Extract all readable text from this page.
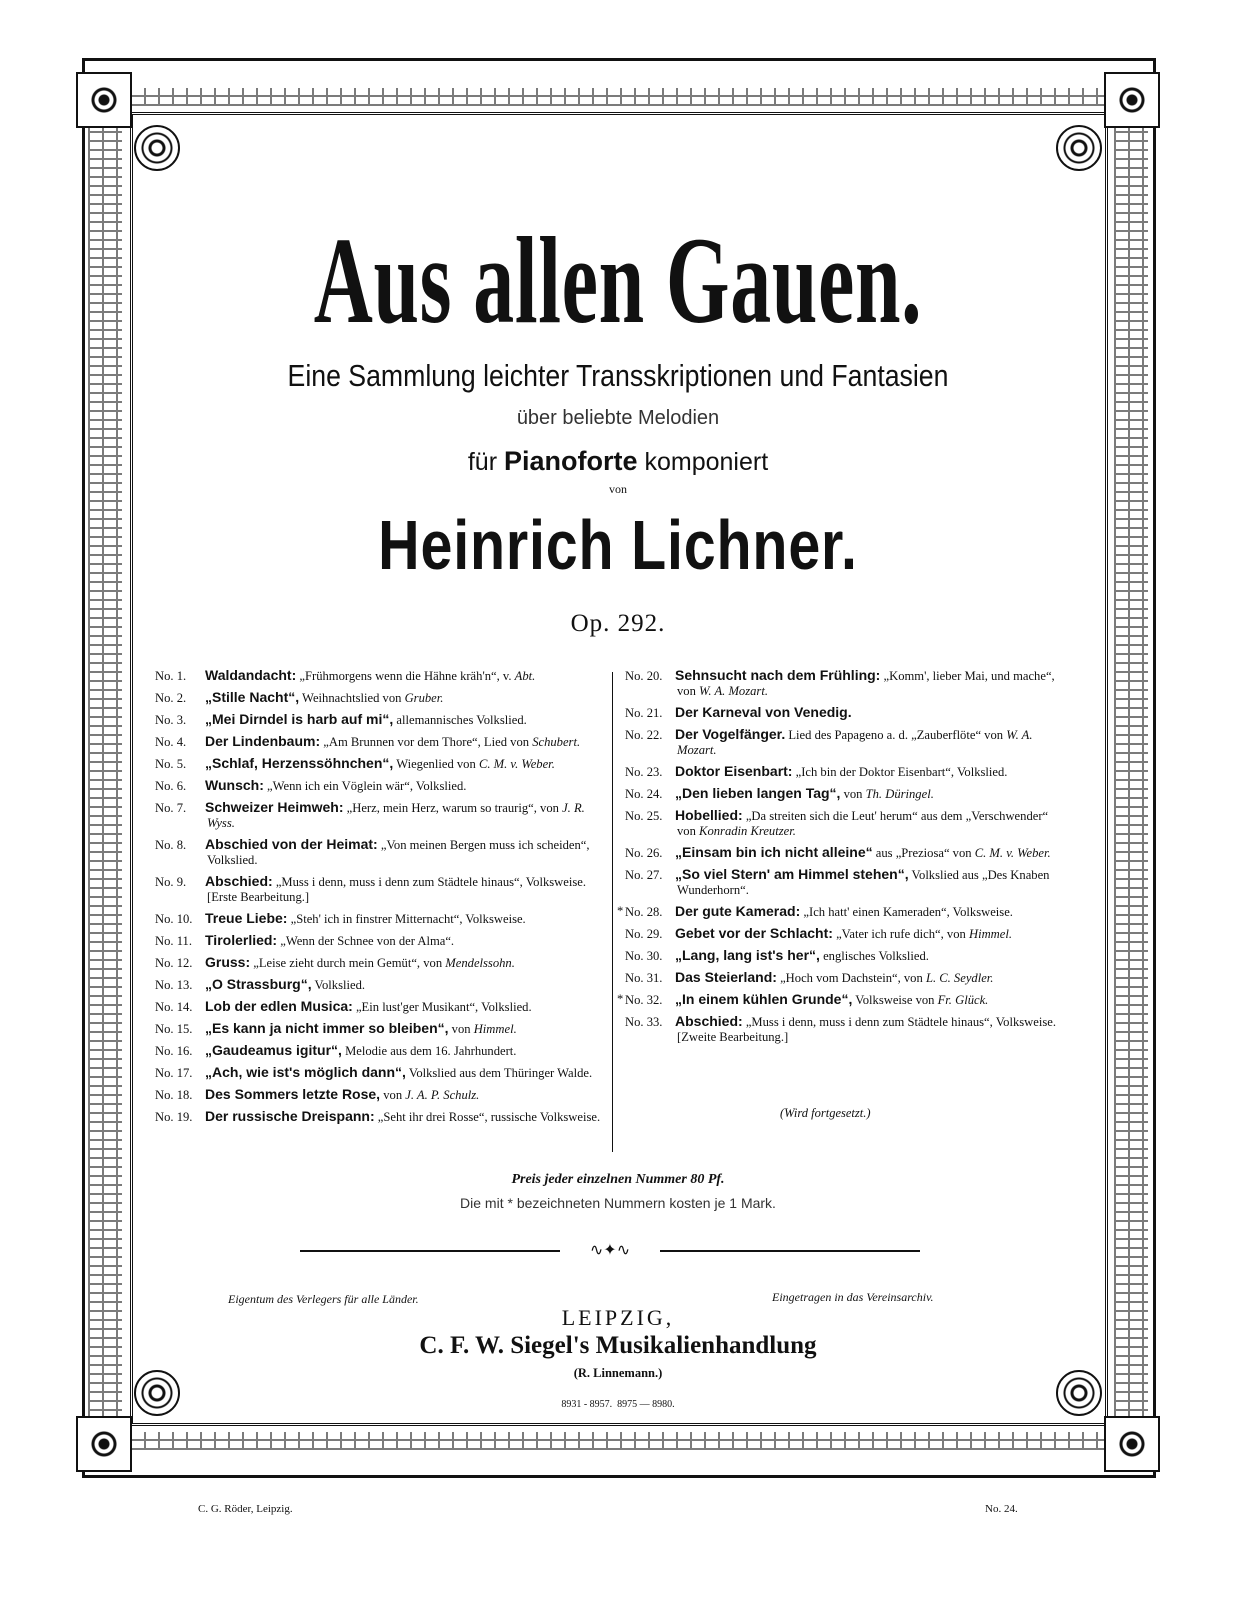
Aus allen Gauen.
Eine Sammlung leichter Transskriptionen und Fantasien
über beliebte Melodien
für Pianoforte komponiert
von
Heinrich Lichner.
Op. 292.
No. 1. Waldandacht: „Frühmorgens wenn die Hähne kräh'n“, v. Abt.
No. 2. „Stille Nacht“, Weihnachtslied von Gruber.
No. 3. „Mei Dirndel is harb auf mi“, allemannisches Volkslied.
No. 4. Der Lindenbaum: „Am Brunnen vor dem Thore“, Lied von Schubert.
No. 5. „Schlaf, Herzenssöhnchen“, Wiegenlied von C. M. v. Weber.
No. 6. Wunsch: „Wenn ich ein Vöglein wär“, Volkslied.
No. 7. Schweizer Heimweh: „Herz, mein Herz, warum so traurig“, von J. R. Wyss.
No. 8. Abschied von der Heimat: „Von meinen Bergen muss ich scheiden“, Volkslied.
No. 9. Abschied: „Muss i denn, muss i denn zum Städtele hinaus“, Volksweise. [Erste Bearbeitung.]
No. 10. Treue Liebe: „Steh' ich in finstrer Mitternacht“, Volksweise.
No. 11. Tirolerlied: „Wenn der Schnee von der Alma“.
No. 12. Gruss: „Leise zieht durch mein Gemüt“, von Mendelssohn.
No. 13. „O Strassburg“, Volkslied.
No. 14. Lob der edlen Musica: „Ein lust'ger Musikant“, Volkslied.
No. 15. „Es kann ja nicht immer so bleiben“, von Himmel.
No. 16. „Gaudeamus igitur“, Melodie aus dem 16. Jahrhundert.
No. 17. „Ach, wie ist's möglich dann“, Volkslied aus dem Thüringer Walde.
No. 18. Des Sommers letzte Rose, von J. A. P. Schulz.
No. 19. Der russische Dreispann: „Seht ihr drei Rosse“, russische Volksweise.
No. 20. Sehnsucht nach dem Frühling: „Komm', lieber Mai, und mache“, von W. A. Mozart.
No. 21. Der Karneval von Venedig.
No. 22. Der Vogelfänger. Lied des Papageno a. d. „Zauberflöte“ von W. A. Mozart.
No. 23. Doktor Eisenbart: „Ich bin der Doktor Eisenbart“, Volkslied.
No. 24. „Den lieben langen Tag“, von Th. Düringel.
No. 25. Hobellied: „Da streiten sich die Leut' herum“ aus dem „Verschwender“ von Konradin Kreutzer.
No. 26. „Einsam bin ich nicht alleine“ aus „Preziosa“ von C. M. v. Weber.
No. 27. „So viel Stern' am Himmel stehen“, Volkslied aus „Des Knaben Wunderhorn“.
* No. 28. Der gute Kamerad: „Ich hatt' einen Kameraden“, Volksweise.
No. 29. Gebet vor der Schlacht: „Vater ich rufe dich“, von Himmel.
No. 30. „Lang, lang ist's her“, englisches Volkslied.
No. 31. Das Steierland: „Hoch vom Dachstein“, von L. C. Seydler.
* No. 32. „In einem kühlen Grunde“, Volksweise von Fr. Glück.
No. 33. Abschied: „Muss i denn, muss i denn zum Städtele hinaus“, Volksweise. [Zweite Bearbeitung.]
(Wird fortgesetzt.)
Preis jeder einzelnen Nummer 80 Pf.
Die mit * bezeichneten Nummern kosten je 1 Mark.
∿✦∿
Eigentum des Verlegers für alle Länder.	Eingetragen in das Vereinsarchiv.
LEIPZIG,
C. F. W. Siegel's Musikalienhandlung
(R. Linnemann.)
8931 - 8957.  8975 — 8980.
C. G. Röder, Leipzig.	No. 24.
